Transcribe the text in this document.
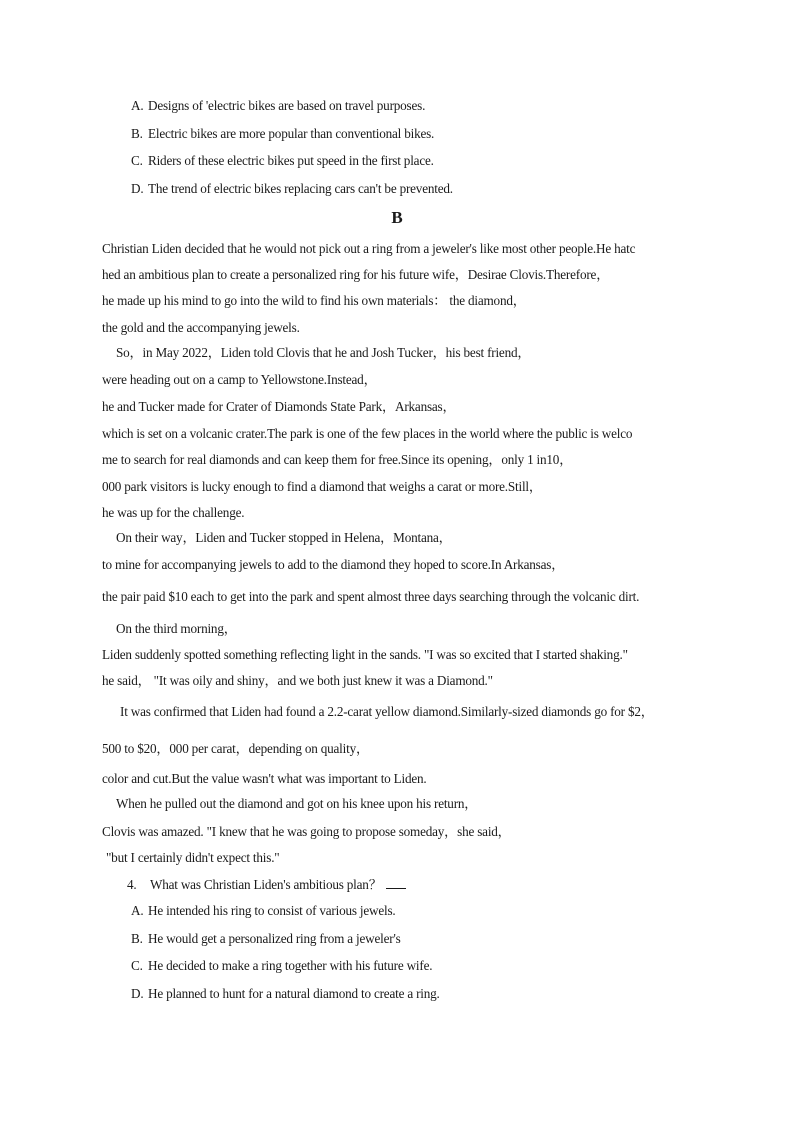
A. Designs of 'electric bikes are based on travel purposes.
B. Electric bikes are more popular than conventional bikes.
C. Riders of these electric bikes put speed in the first place.
D. The trend of electric bikes replacing cars can't be prevented.
B
Christian Liden decided that he would not pick out a ring from a jeweler's like most other people.He hatc
hed an ambitious plan to create a personalized ring for his future wife，Desirae Clovis.Therefore，
he made up his mind to go into the wild to find his own materials： the diamond，
the gold and the accompanying jewels.
So，in May 2022，Liden told Clovis that he and Josh Tucker，his best friend，
were heading out on a camp to Yellowstone.Instead，
he and Tucker made for Crater of Diamonds State Park，Arkansas，
which is set on a volcanic crater.The park is one of the few places in the world where the public is welco
me to search for real diamonds and can keep them for free.Since its opening，only 1 in10，
000 park visitors is lucky enough to find a diamond that weighs a carat or more.Still，
he was up for the challenge.
On their way，Liden and Tucker stopped in Helena，Montana，
to mine for accompanying jewels to add to the diamond they hoped to score.In Arkansas，
the pair paid $10 each to get into the park and spent almost three days searching through the volcanic dirt.
On the third morning，
Liden suddenly spotted something reflecting light in the sands. "I was so excited that I started shaking."
he said， "It was oily and shiny，and we both just knew it was a Diamond."
It was confirmed that Liden had found a 2.2-carat yellow diamond.Similarly-sized diamonds go for $2，
500 to $20，000 per carat，depending on quality，
color and cut.But the value wasn't what was important to Liden.
When he pulled out the diamond and got on his knee upon his return，
Clovis was amazed. "I knew that he was going to propose someday，she said，
"but I certainly didn't expect this."
4. What was Christian Liden's ambitious plan？
A. He intended his ring to consist of various jewels.
B. He would get a personalized ring from a jeweler's
C. He decided to make a ring together with his future wife.
D. He planned to hunt for a natural diamond to create a ring.
